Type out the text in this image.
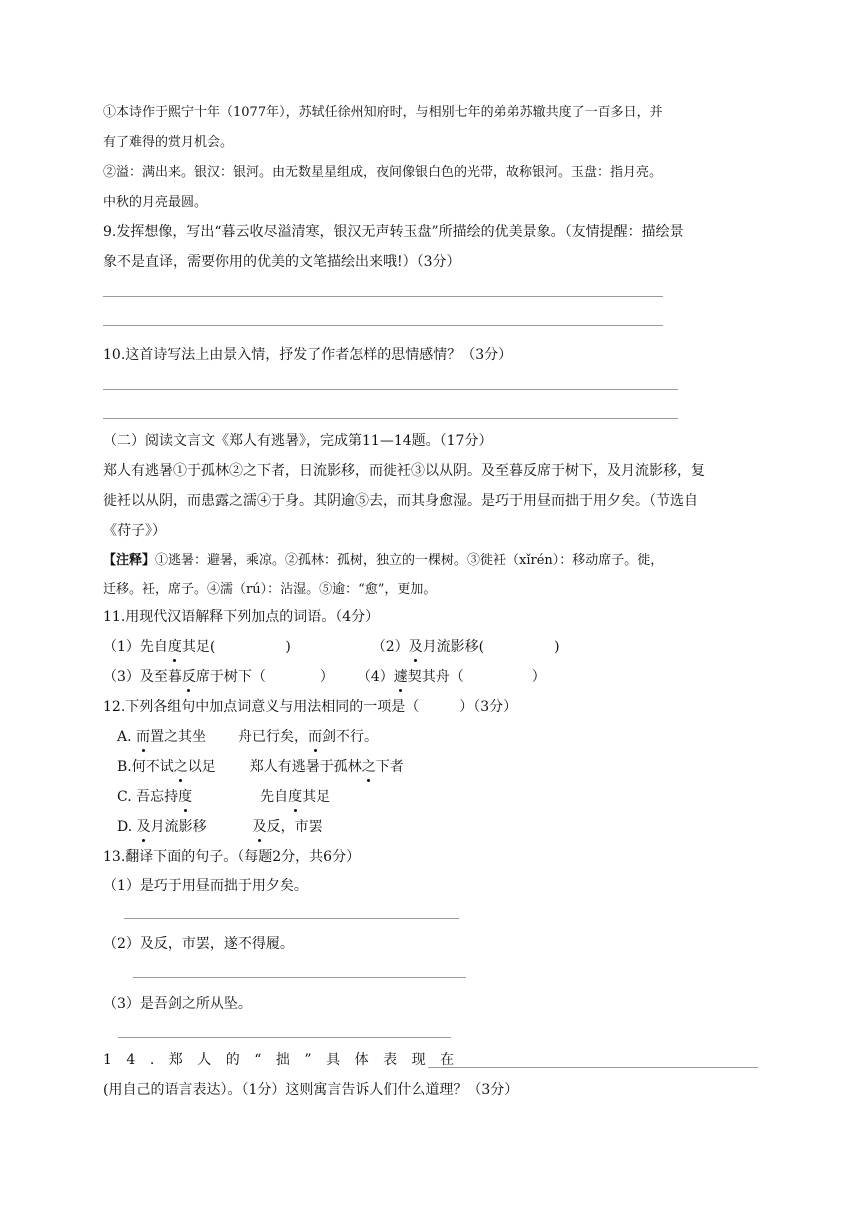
①本诗作于熙宁十年（1077年），苏轼任徐州知府时，与相别七年的弟弟苏辙共度了一百多日，并
有了难得的赏月机会。
②溢：满出来。银汉：银河。由无数星星组成，夜间像银白色的光带，故称银河。玉盘：指月亮。
中秋的月亮最圆。
9.发挥想像，写出“暮云收尽溢清寒，银汉无声转玉盘”所描绘的优美景象。（友情提醒：描绘景
象不是直译，需要你用的优美的文笔描绘出来哦!）（3分）
10.这首诗写法上由景入情，抒发了作者怎样的思情感情？（3分）
（二）阅读文言文《郑人有逃暑》，完成第11—14题。（17分）
郑人有逃暑①于孤林②之下者，日流影移，而徙衽③以从阴。及至暮反席于树下，及月流影移，复
徙衽以从阴，而患露之濡④于身。其阴逾⑤去，而其身愈湿。是巧于用昼而拙于用夕矣。（节选自
《苻子》）
【注释】①逃暑：避暑，乘凉。②孤林：孤树，独立的一棵树。③徙衽（xǐrén）：移动席子。徙，
迁移。衽，席子。④濡（rú）：沾湿。⑤逾：“愈”，更加。
11.用现代汉语解释下列加点的词语。（4分）
（1）先自度其足(	)	（2）及月流影移(	)
（3）及至暮反席于树下（	） （4）遽契其舟（	）
12.下列各组句中加点词意义与用法相同的一项是（	）（3分）
A. 而置之其坐 舟已行矣，而剑不行。
B.何不试之以足 郑人有逃暑于孤林之下者
C. 吾忘持度	先自度其足
D. 及月流影移	及反，市罢
13.翻译下面的句子。（每题2分，共6分）
（1）是巧于用昼而拙于用夕矣。
（2）及反，市罢，遂不得履。
（3）是吾剑之所从坠。
14.郑人的“拙”具体表现在
(用自己的语言表达）。（1分）这则寓言告诉人们什么道理？（3分）
